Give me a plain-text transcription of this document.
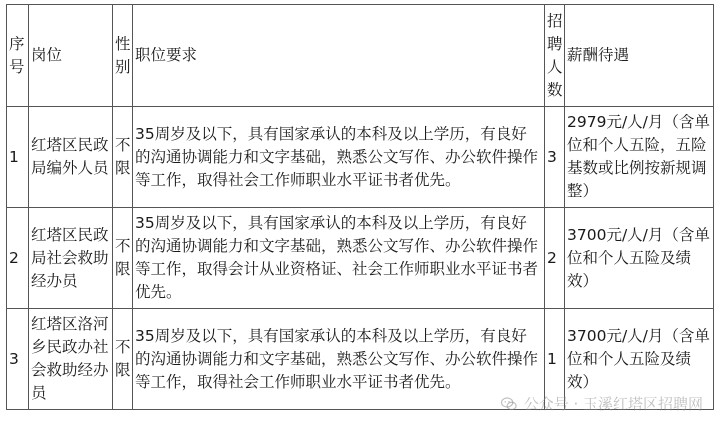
序号	岗位	性别	职位要求	招聘人数	薪酬待遇
1	红塔区民政局编外人员	不限	35周岁及以下，具有国家承认的本科及以上学历，有良好的沟通协调能力和文字基础，熟悉公文写作、办公软件操作等工作，取得社会工作师职业水平证书者优先。	3	2979元/人/月（含单位和个人五险，五险基数或比例按新规调整）
2	红塔区民政局社会救助经办员	不限	35周岁及以下，具有国家承认的本科及以上学历，有良好的沟通协调能力和文字基础，熟悉公文写作、办公软件操作等工作，取得会计从业资格证、社会工作师职业水平证书者优先。	2	3700元/人/月（含单位和个人五险及绩效）
3	红塔区洛河乡民政办社会救助经办员	不限	35周岁及以下，具有国家承认的本科及以上学历，有良好的沟通协调能力和文字基础，熟悉公文写作、办公软件操作等工作，取得社会工作师职业水平证书者优先。	1	3700元/人/月（含单位和个人五险及绩效）
公众号 · 玉溪红塔区招聘网
